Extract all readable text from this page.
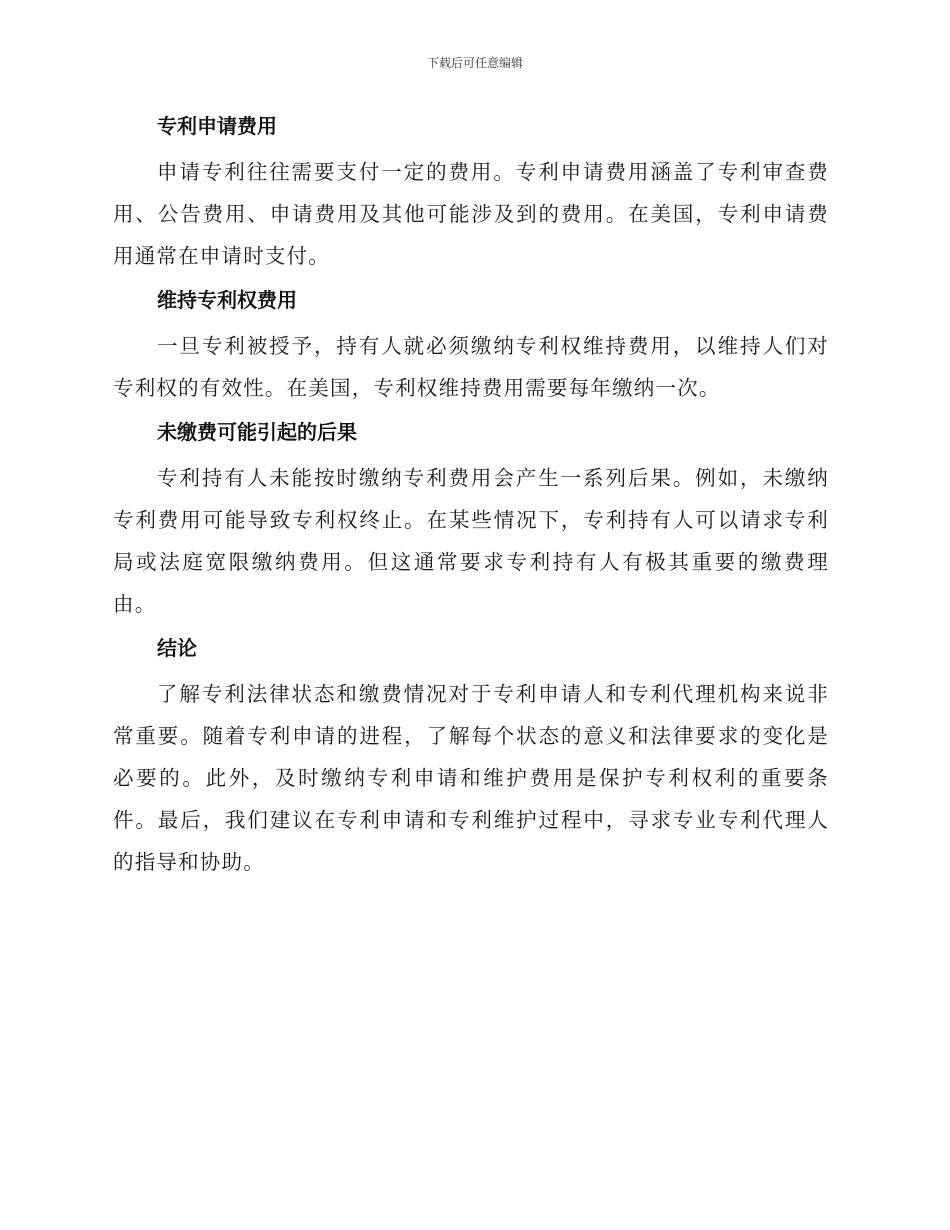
下载后可任意编辑
专利申请费用

申请专利往往需要支付一定的费用。专利申请费用涵盖了专利审查费用、公告费用、申请费用及其他可能涉及到的费用。在美国，专利申请费用通常在申请时支付。

维持专利权费用

一旦专利被授予，持有人就必须缴纳专利权维持费用，以维持人们对专利权的有效性。在美国，专利权维持费用需要每年缴纳一次。

未缴费可能引起的后果

专利持有人未能按时缴纳专利费用会产生一系列后果。例如，未缴纳专利费用可能导致专利权终止。在某些情况下，专利持有人可以请求专利局或法庭宽限缴纳费用。但这通常要求专利持有人有极其重要的缴费理由。

结论

了解专利法律状态和缴费情况对于专利申请人和专利代理机构来说非常重要。随着专利申请的进程，了解每个状态的意义和法律要求的变化是必要的。此外，及时缴纳专利申请和维护费用是保护专利权利的重要条件。最后，我们建议在专利申请和专利维护过程中，寻求专业专利代理人的指导和协助。
